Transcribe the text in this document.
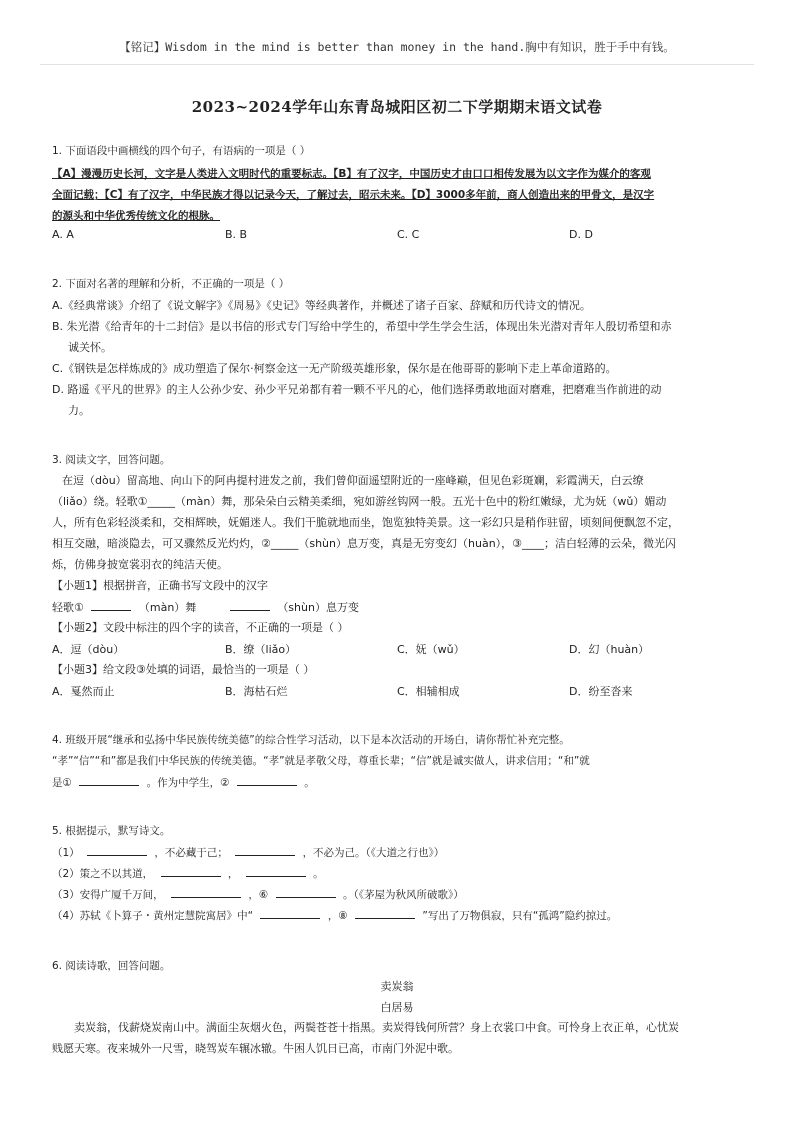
【铭记】Wisdom in the mind is better than money in the hand.胸中有知识，胜于手中有钱。
2023~2024学年山东青岛城阳区初二下学期期末语文试卷
1. 下面语段中画横线的四个句子，有语病的一项是（ ）
【A】漫漫历史长河，文字是人类进入文明时代的重要标志。【B】有了汉字，中国历史才由口口相传发展为以文字作为媒介的客观
全面记载；【C】有了汉字，中华民族才得以记录今天，了解过去，昭示未来。【D】3000多年前，商人创造出来的甲骨文，是汉字
的源头和中华优秀传统文化的根脉。
A. A	B. B	C. C	D. D
2. 下面对名著的理解和分析，不正确的一项是（ ）
A.《经典常谈》介绍了《说文解字》《周易》《史记》等经典著作，并概述了诸子百家、辞赋和历代诗文的情况。
B. 朱光潜《给青年的十二封信》是以书信的形式专门写给中学生的，希望中学生学会生活，体现出朱光潜对青年人殷切希望和赤
诚关怀。
C.《钢铁是怎样炼成的》成功塑造了保尔·柯察金这一无产阶级英雄形象，保尔是在他哥哥的影响下走上革命道路的。
D. 路遥《平凡的世界》的主人公孙少安、孙少平兄弟都有着一颗不平凡的心，他们选择勇敢地面对磨难，把磨难当作前进的动
力。
3. 阅读文字，回答问题。
在逗（dòu）留高地、向山下的阿冉提村进发之前，我们曾仰面遥望附近的一座峰巅，但见色彩斑斓，彩霞满天，白云缭
（liǎo）绕。轻歌①_____（màn）舞，那朵朵白云精美柔细，宛如游丝钩网一般。五光十色中的粉红嫩绿，尤为妩（wǔ）媚动
人，所有色彩轻淡柔和，交相辉映，妩媚迷人。我们干脆就地而坐，饱览独特美景。这一彩幻只是稍作驻留，顷刻间便飘忽不定，
相互交融，暗淡隐去，可又骤然反光灼灼，②_____（shùn）息万变，真是无穷变幻（huàn），③____；洁白轻薄的云朵，微光闪
烁，仿佛身披宽裳羽衣的纯洁天使。
【小题1】根据拼音，正确书写文段中的汉字
轻歌①	（màn）舞	（shùn）息万变
【小题2】文段中标注的四个字的读音，不正确的一项是（ ）
A．逗（dòu）	B．缭（liǎo）	C．妩（wǔ）	D．幻（huàn）
【小题3】给文段③处填的词语，最恰当的一项是（ ）
A．戛然而止	B．海枯石烂	C．相辅相成	D．纷至沓来
4. 班级开展“继承和弘扬中华民族传统美德”的综合性学习活动，以下是本次活动的开场白，请你帮忙补充完整。
“孝”“信”“和”都是我们中华民族的传统美德。“孝”就是孝敬父母，尊重长辈；“信”就是诚实做人，讲求信用；“和”就
是①	。作为中学生，②	。
5. 根据提示，默写诗文。
（1）	，不必藏于己；	，不必为己。（《大道之行也》）
（2）策之不以其道，	，	。
（3）安得广厦千万间，	，⑥	。（《茅屋为秋风所破歌》）
（4）苏轼《卜算子・黄州定慧院寓居》中“	，⑧	”写出了万物俱寂，只有“孤鸿”隐约掠过。
6. 阅读诗歌，回答问题。
卖炭翁
白居易
卖炭翁，伐薪烧炭南山中。满面尘灰烟火色，两鬓苍苍十指黑。卖炭得钱何所营？身上衣裳口中食。可怜身上衣正单，心忧炭
贱愿天寒。夜来城外一尺雪，晓驾炭车辗冰辙。牛困人饥日已高，市南门外泥中歌。
